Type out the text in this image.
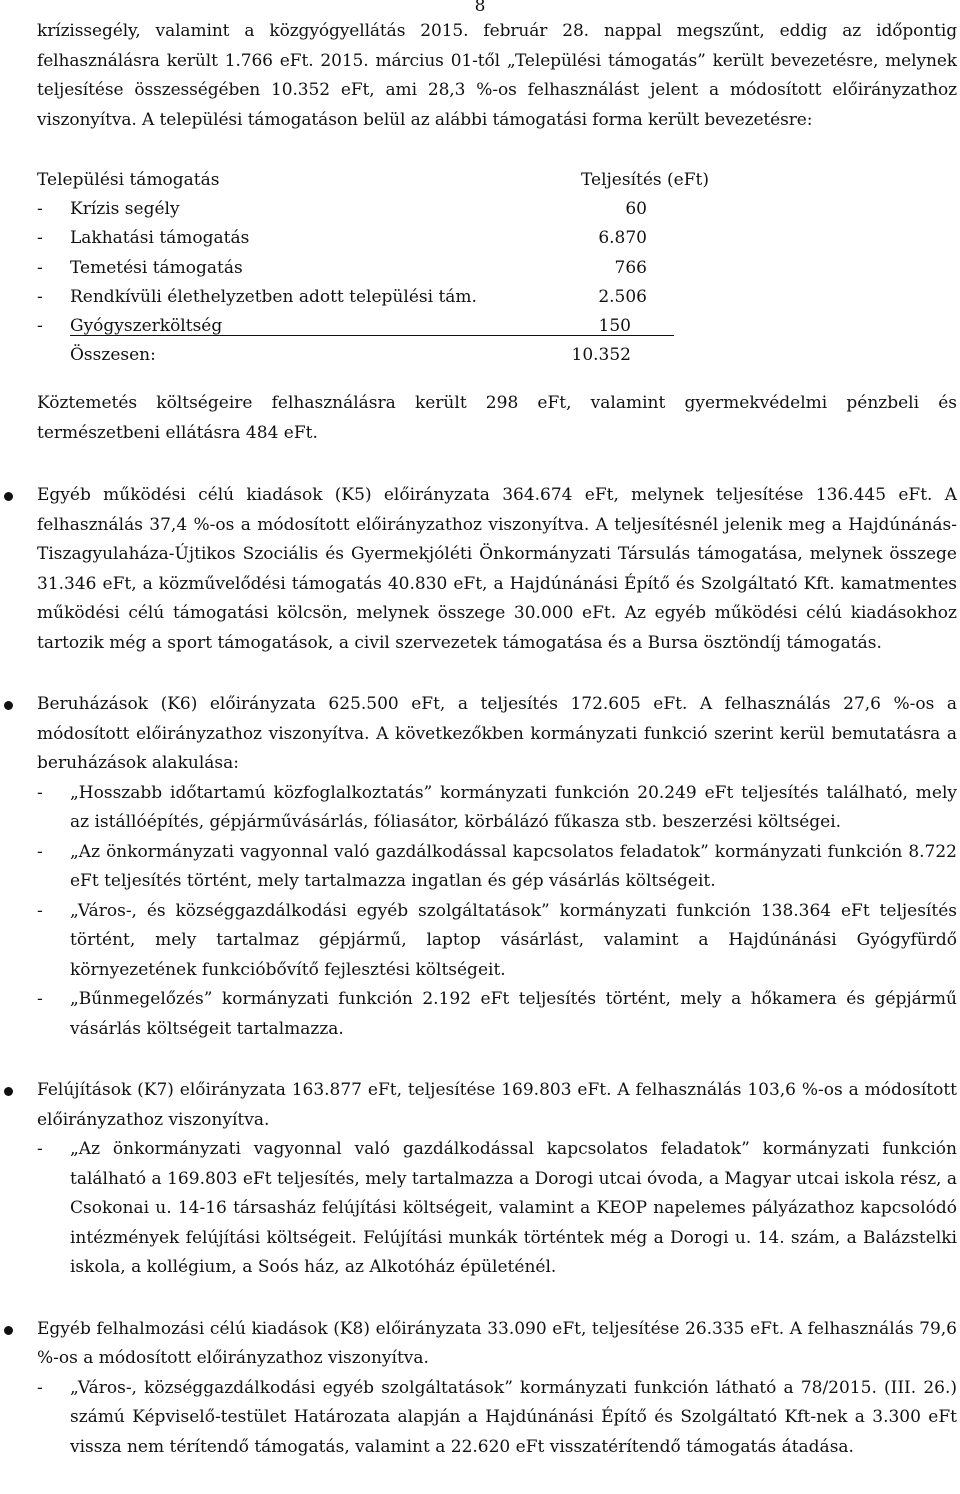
8

krízissegély, valamint a közgyógyellátás 2015. február 28. nappal megszűnt, eddig az időpontig felhasználásra került 1.766 eFt. 2015. március 01-től „Települési támogatás” került bevezetésre, melynek teljesítése összességében 10.352 eFt, ami 28,3 %-os felhasználást jelent a módosított előirányzathoz viszonyítva. A települési támogatáson belül az alábbi támogatási forma került bevezetésre:

Települési támogatás	Teljesítés (eFt)
- Krízis segély	60
- Lakhatási támogatás	6.870
- Temetési támogatás	766
- Rendkívüli élethelyzetben adott települési tám.	2.506
- Gyógyszerköltség	150
Összesen:	10.352

Köztemetés költségeire felhasználásra került 298 eFt, valamint gyermekvédelmi pénzbeli és természetbeni ellátásra 484 eFt.

Egyéb működési célú kiadások (K5) előirányzata 364.674 eFt, melynek teljesítése 136.445 eFt. A felhasználás 37,4 %-os a módosított előirányzathoz viszonyítva. A teljesítésnél jelenik meg a Hajdúnánás-Tiszagyulaháza-Újtikos Szociális és Gyermekjóléti Önkormányzati Társulás támogatása, melynek összege 31.346 eFt, a közművelődési támogatás 40.830 eFt, a Hajdúnánási Építő és Szolgáltató Kft. kamatmentes működési célú támogatási kölcsön, melynek összege 30.000 eFt. Az egyéb működési célú kiadásokhoz tartozik még a sport támogatások, a civil szervezetek támogatása és a Bursa ösztöndíj támogatás.

Beruházások (K6) előirányzata 625.500 eFt, a teljesítés 172.605 eFt. A felhasználás 27,6 %-os a módosított előirányzathoz viszonyítva. A következőkben kormányzati funkció szerint kerül bemutatásra a beruházások alakulása:

- „Hosszabb időtartamú közfoglalkoztatás” kormányzati funkción 20.249 eFt teljesítés található, mely az istállóépítés, gépjárművásárlás, fóliasátor, körbálázó fűkasza stb. beszerzési költségei.
- „Az önkormányzati vagyonnal való gazdálkodással kapcsolatos feladatok” kormányzati funkción 8.722 eFt teljesítés történt, mely tartalmazza ingatlan és gép vásárlás költségeit.
- „Város-, és községgazdálkodási egyéb szolgáltatások” kormányzati funkción 138.364 eFt teljesítés történt, mely tartalmaz gépjármű, laptop vásárlást, valamint a Hajdúnánási Gyógyfürdő környezetének funkcióbővítő fejlesztési költségeit.
- „Bűnmegelőzés” kormányzati funkción 2.192 eFt teljesítés történt, mely a hőkamera és gépjármű vásárlás költségeit tartalmazza.

Felújítások (K7) előirányzata 163.877 eFt, teljesítése 169.803 eFt. A felhasználás 103,6 %-os a módosított előirányzathoz viszonyítva.

- „Az önkormányzati vagyonnal való gazdálkodással kapcsolatos feladatok” kormányzati funkción található a 169.803 eFt teljesítés, mely tartalmazza a Dorogi utcai óvoda, a Magyar utcai iskola rész, a Csokonai u. 14-16 társasház felújítási költségeit, valamint a KEOP napelemes pályázathoz kapcsolódó intézmények felújítási költségeit. Felújítási munkák történtek még a Dorogi u. 14. szám, a Balázstelki iskola, a kollégium, a Soós ház, az Alkotóház épületénél.

Egyéb felhalmozási célú kiadások (K8) előirányzata 33.090 eFt, teljesítése 26.335 eFt. A felhasználás 79,6 %-os a módosított előirányzathoz viszonyítva.

- „Város-, községgazdálkodási egyéb szolgáltatások” kormányzati funkción látható a 78/2015. (III. 26.) számú Képviselő-testület Határozata alapján a Hajdúnánási Építő és Szolgáltató Kft-nek a 3.300 eFt vissza nem térítendő támogatás, valamint a 22.620 eFt visszatérítendő támogatás átadása.
